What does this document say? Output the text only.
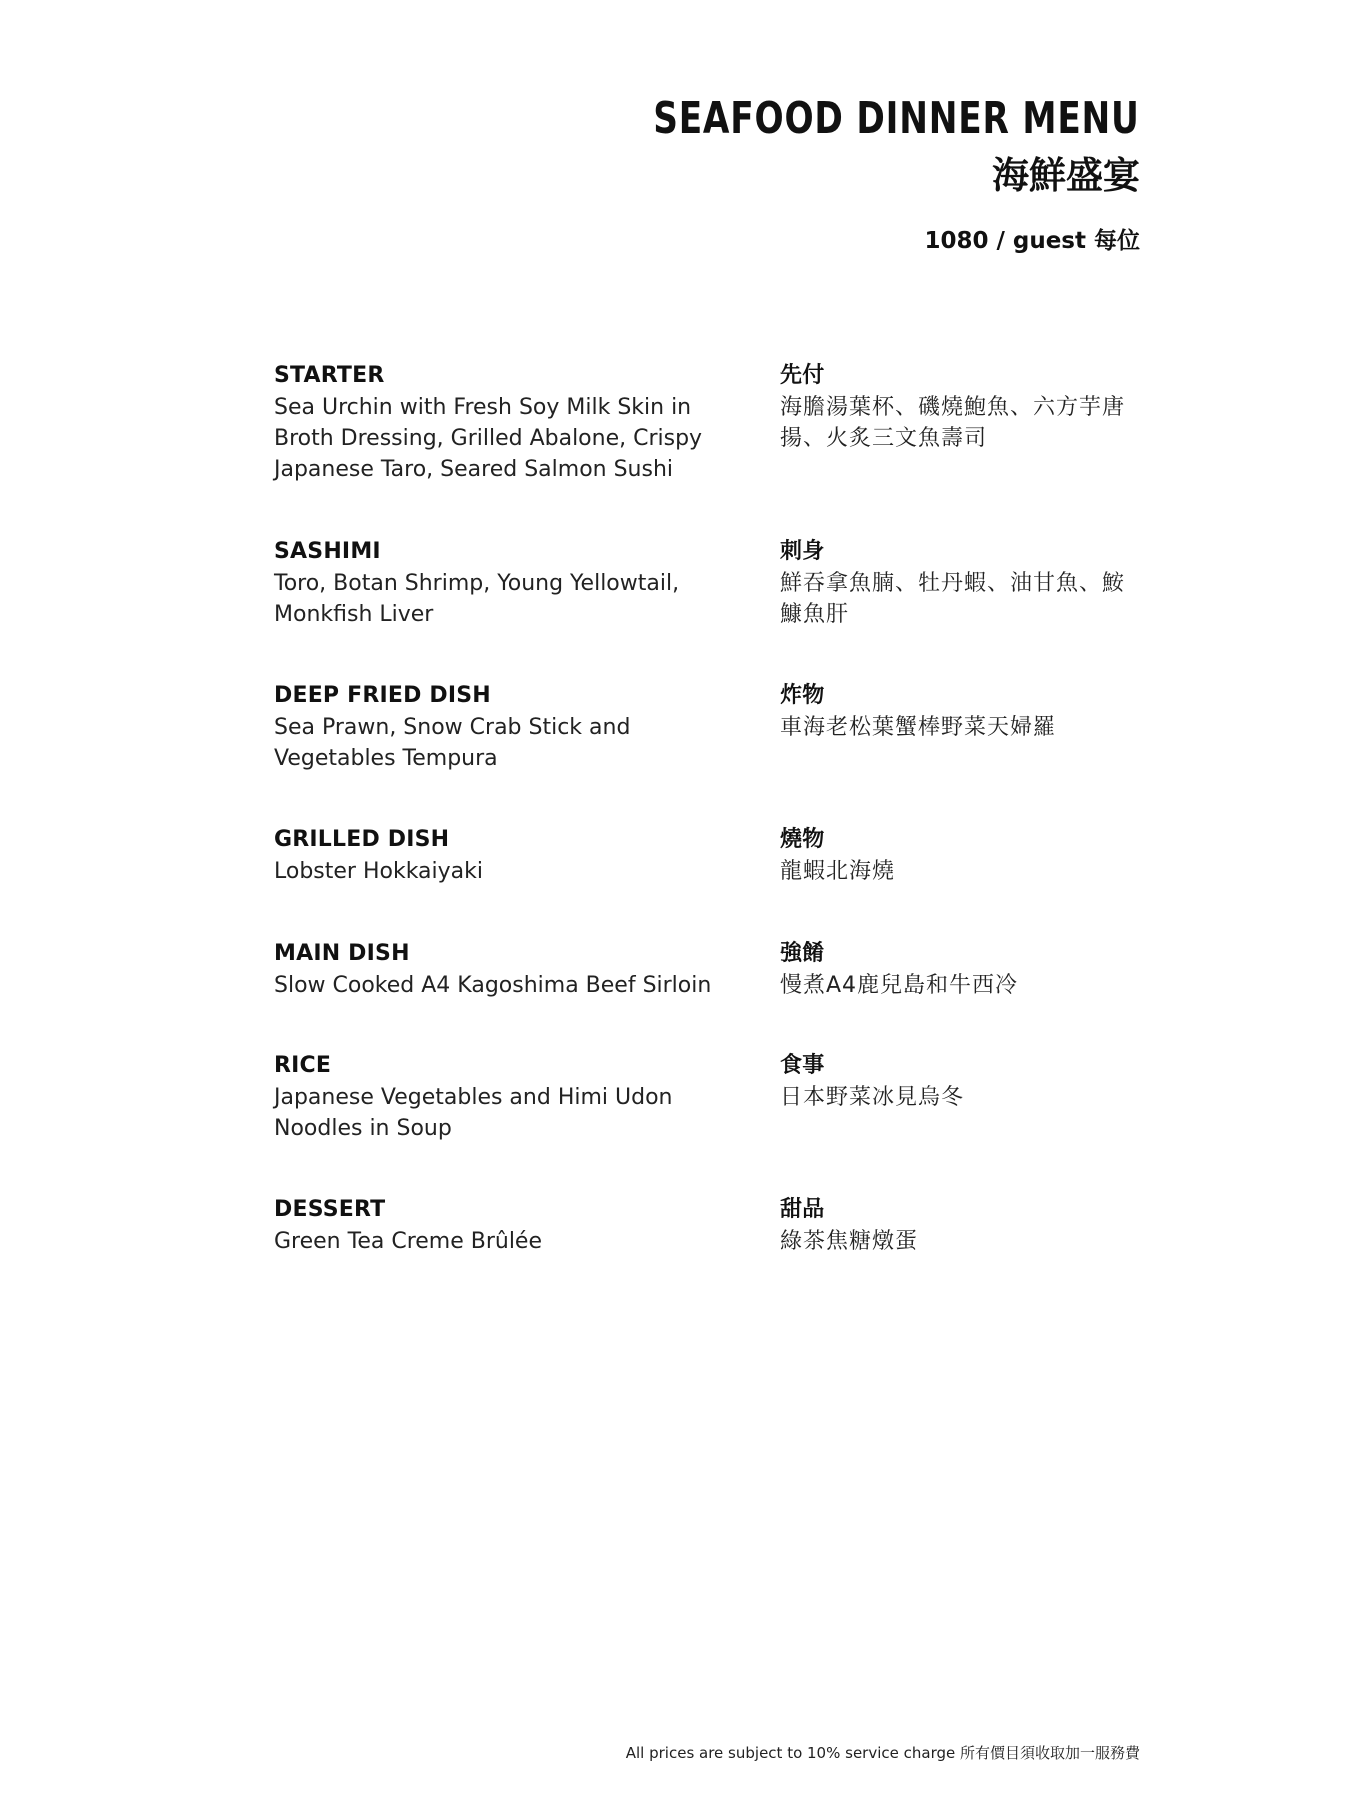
SEAFOOD DINNER MENU
海鮮盛宴
1080 / guest 每位
STARTER
Sea Urchin with Fresh Soy Milk Skin in Broth Dressing, Grilled Abalone, Crispy Japanese Taro, Seared Salmon Sushi
先付
海膽湯葉杯、磯燒鮑魚、六方芋唐揚、火炙三文魚壽司
SASHIMI
Toro, Botan Shrimp, Young Yellowtail, Monkfish Liver
刺身
鮮吞拿魚腩、牡丹蝦、油甘魚、鮟鱇魚肝
DEEP FRIED DISH
Sea Prawn, Snow Crab Stick and Vegetables Tempura
炸物
車海老松葉蟹棒野菜天婦羅
GRILLED DISH
Lobster Hokkaiyaki
燒物
龍蝦北海燒
MAIN DISH
Slow Cooked A4 Kagoshima Beef Sirloin
強餚
慢煮A4鹿兒島和牛西冷
RICE
Japanese Vegetables and Himi Udon Noodles in Soup
食事
日本野菜冰見烏冬
DESSERT
Green Tea Creme Brûlée
甜品
綠茶焦糖燉蛋
All prices are subject to 10% service charge 所有價目須收取加一服務費
